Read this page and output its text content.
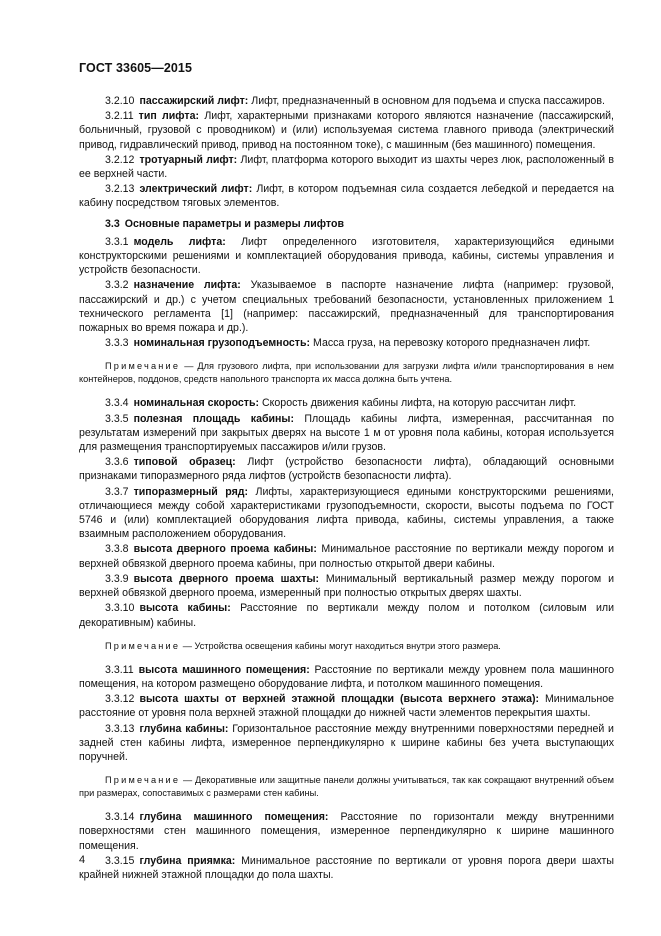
ГОСТ 33605—2015
3.2.10 пассажирский лифт: Лифт, предназначенный в основном для подъема и спуска пассажиров.
3.2.11 тип лифта: Лифт, характерными признаками которого являются назначение (пассажирский, больничный, грузовой с проводником) и (или) используемая система главного привода (электрический привод, гидравлический привод, привод на постоянном токе), с машинным (без машинного) помещения.
3.2.12 тротуарный лифт: Лифт, платформа которого выходит из шахты через люк, расположенный в ее верхней части.
3.2.13 электрический лифт: Лифт, в котором подъемная сила создается лебедкой и передается на кабину посредством тяговых элементов.
3.3 Основные параметры и размеры лифтов
3.3.1 модель лифта: Лифт определенного изготовителя, характеризующийся едиными конструкторскими решениями и комплектацией оборудования привода, кабины, системы управления и устройств безопасности.
3.3.2 назначение лифта: Указываемое в паспорте назначение лифта (например: грузовой, пассажирский и др.) с учетом специальных требований безопасности, установленных приложением 1 технического регламента [1] (например: пассажирский, предназначенный для транспортирования пожарных во время пожара и др.).
3.3.3 номинальная грузоподъемность: Масса груза, на перевозку которого предназначен лифт.
Примечание — Для грузового лифта, при использовании для загрузки лифта и/или транспортирования в нем контейнеров, поддонов, средств напольного транспорта их масса должна быть учтена.
3.3.4 номинальная скорость: Скорость движения кабины лифта, на которую рассчитан лифт.
3.3.5 полезная площадь кабины: Площадь кабины лифта, измеренная, рассчитанная по результатам измерений при закрытых дверях на высоте 1 м от уровня пола кабины, которая используется для размещения транспортируемых пассажиров и/или грузов.
3.3.6 типовой образец: Лифт (устройство безопасности лифта), обладающий основными признаками типоразмерного ряда лифтов (устройств безопасности лифта).
3.3.7 типоразмерный ряд: Лифты, характеризующиеся едиными конструкторскими решениями, отличающиеся между собой характеристиками грузоподъемности, скорости, высоты подъема по ГОСТ 5746 и (или) комплектацией оборудования лифта привода, кабины, системы управления, а также взаимным расположением оборудования.
3.3.8 высота дверного проема кабины: Минимальное расстояние по вертикали между порогом и верхней обвязкой дверного проема кабины, при полностью открытой двери кабины.
3.3.9 высота дверного проема шахты: Минимальный вертикальный размер между порогом и верхней обвязкой дверного проема, измеренный при полностью открытых дверях шахты.
3.3.10 высота кабины: Расстояние по вертикали между полом и потолком (силовым или декоративным) кабины.
Примечание — Устройства освещения кабины могут находиться внутри этого размера.
3.3.11 высота машинного помещения: Расстояние по вертикали между уровнем пола машинного помещения, на котором размещено оборудование лифта, и потолком машинного помещения.
3.3.12 высота шахты от верхней этажной площадки (высота верхнего этажа): Минимальное расстояние от уровня пола верхней этажной площадки до нижней части элементов перекрытия шахты.
3.3.13 глубина кабины: Горизонтальное расстояние между внутренними поверхностями передней и задней стен кабины лифта, измеренное перпендикулярно к ширине кабины без учета выступающих поручней.
Примечание — Декоративные или защитные панели должны учитываться, так как сокращают внутренний объем при размерах, сопоставимых с размерами стен кабины.
3.3.14 глубина машинного помещения: Расстояние по горизонтали между внутренними поверхностями стен машинного помещения, измеренное перпендикулярно к ширине машинного помещения.
3.3.15 глубина приямка: Минимальное расстояние по вертикали от уровня порога двери шахты крайней нижней этажной площадки до пола шахты.
4
